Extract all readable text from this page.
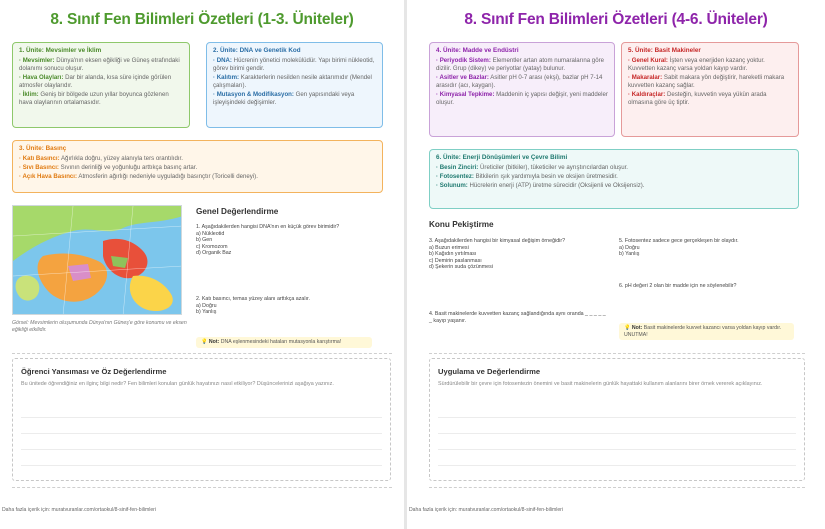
8. Sınıf Fen Bilimleri Özetleri (1-3. Üniteler)
1. Ünite: Mevsimler ve İklim

· Mevsimler: Dünya'nın eksen eğikliği ve Güneş etrafındaki dolanımı sonucu oluşur.

· Hava Olayları: Dar bir alanda, kısa süre içinde görülen atmosfer olaylarıdır.

· İklim: Geniş bir bölgede uzun yıllar boyunca gözlenen hava olaylarının ortalamasıdır.

2. Ünite: DNA ve Genetik Kod

· DNA: Hücrenin yönetici molekülüdür. Yapı birimi nükleotid, görev birimi gendir.

· Kalıtım: Karakterlerin nesilden nesile aktarımıdır (Mendel çalışmaları).

· Mutasyon & Modifikasyon: Gen yapısındaki veya işleyişindeki değişimler.

3. Ünite: Basınç

· Katı Basıncı: Ağırlıkla doğru, yüzey alanıyla ters orantılıdır.

· Sıvı Basıncı: Sıvının derinliği ve yoğunluğu arttıkça basınç artar.

· Açık Hava Basıncı: Atmosferin ağırlığı nedeniyle uyguladığı basınçtır (Toricelli deneyi).

Görsel: Mevsimlerin oluşumunda Dünya'nın Güneş'e göre konumu ve eksen eğikliği etkilidir.
Genel Değerlendirme
1. Aşağıdakilerden hangisi DNA'nın en küçük görev birimidir?
a) Nükleotid
b) Gen
c) Kromozom
d) Organik Baz
2. Katı basıncı, temas yüzey alanı arttıkça azalır.
a) Doğru
b) Yanlış
💡 Not: DNA eşlenmesindeki hataları mutasyonla karıştırma!
Öğrenci Yansıması ve Öz Değerlendirme

Bu ünitede öğrendiğiniz en ilginç bilgi nedir? Fen bilimleri konuları günlük hayatınızı nasıl etkiliyor? Düşüncelerinizi aşağıya yazınız.

Daha fazla içerik için: muratvuranlar.com/ortaokul/8-sinif-fen-bilimleri
8. Sınıf Fen Bilimleri Özetleri (4-6. Üniteler)
4. Ünite: Madde ve Endüstri

· Periyodik Sistem: Elementler artan atom numaralarına göre dizilir. Grup (dikey) ve periyotlar (yatay) bulunur.

· Asitler ve Bazlar: Asitler pH 0-7 arası (ekşi), bazlar pH 7-14 arasıdır (acı, kaygan).

· Kimyasal Tepkime: Maddenin iç yapısı değişir, yeni maddeler oluşur.

5. Ünite: Basit Makineler

· Genel Kural: İşten veya enerjiden kazanç yoktur. Kuvvetten kazanç varsa yoldan kayıp vardır.

· Makaralar: Sabit makara yön değiştirir, hareketli makara kuvvetten kazanç sağlar.

· Kaldıraçlar: Desteğin, kuvvetin veya yükün arada olmasına göre üç tiptir.

6. Ünite: Enerji Dönüşümleri ve Çevre Bilimi

· Besin Zinciri: Üreticiler (bitkiler), tüketiciler ve ayrıştırıcılardan oluşur.

· Fotosentez: Bitkilerin ışık yardımıyla besin ve oksijen üretmesidir.

· Solunum: Hücrelerin enerji (ATP) üretme sürecidir (Oksijenli ve Oksijensiz).

Konu Pekiştirme
3. Aşağıdakilerden hangisi bir kimyasal değişim örneğidir?
a) Buzun erimesi
b) Kağıdın yırtılması
c) Demirin paslanması
d) Şekerin suda çözünmesi
5. Fotosentez sadece gece gerçekleşen bir olaydır.
a) Doğru
b) Yanlış
6. pH değeri 2 olan bir madde için ne söylenebilir?
4. Basit makinelerde kuvvetten kazanç sağlandığında aynı oranda _ _ _ _ _ _ kayıp yaşanır.
💡 Not: Basit makinelerde kuvvet kazancı varsa yoldan kayıp vardır. UNUTMA!
Uygulama ve Değerlendirme

Sürdürülebilir bir çevre için fotosentezin önemini ve basit makinelerin günlük hayattaki kullanım alanlarını birer örnek vererek açıklayınız.

Daha fazla içerik için: muratvuranlar.com/ortaokul/8-sinif-fen-bilimleri
